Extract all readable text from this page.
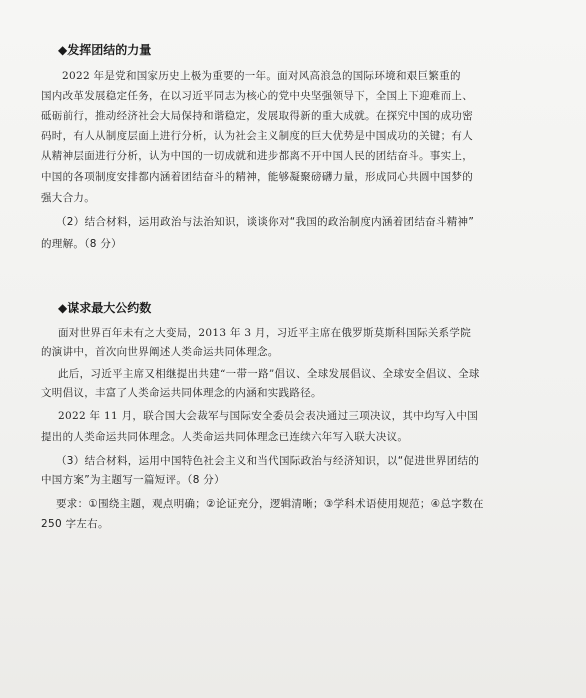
◆发挥团结的力量
2022 年是党和国家历史上极为重要的一年。面对风高浪急的国际环境和艰巨繁重的
国内改革发展稳定任务，在以习近平同志为核心的党中央坚强领导下，全国上下迎难而上、
砥砺前行，推动经济社会大局保持和谐稳定，发展取得新的重大成就。在探究中国的成功密
码时，有人从制度层面上进行分析，认为社会主义制度的巨大优势是中国成功的关键；有人
从精神层面进行分析，认为中国的一切成就和进步都离不开中国人民的团结奋斗。事实上，
中国的各项制度安排都内涵着团结奋斗的精神，能够凝聚磅礴力量，形成同心共圆中国梦的
强大合力。
（2）结合材料，运用政治与法治知识，谈谈你对“我国的政治制度内涵着团结奋斗精神”
的理解。（8 分）
◆谋求最大公约数
面对世界百年未有之大变局，2013 年 3 月，习近平主席在俄罗斯莫斯科国际关系学院
的演讲中，首次向世界阐述人类命运共同体理念。
此后，习近平主席又相继提出共建“一带一路”倡议、全球发展倡议、全球安全倡议、全球
文明倡议，丰富了人类命运共同体理念的内涵和实践路径。
2022 年 11 月，联合国大会裁军与国际安全委员会表决通过三项决议，其中均写入中国
提出的人类命运共同体理念。人类命运共同体理念已连续六年写入联大决议。
（3）结合材料，运用中国特色社会主义和当代国际政治与经济知识，以“促进世界团结的
中国方案”为主题写一篇短评。（8 分）
要求：①围绕主题，观点明确；②论证充分，逻辑清晰；③学科术语使用规范；④总字数在
250 字左右。
